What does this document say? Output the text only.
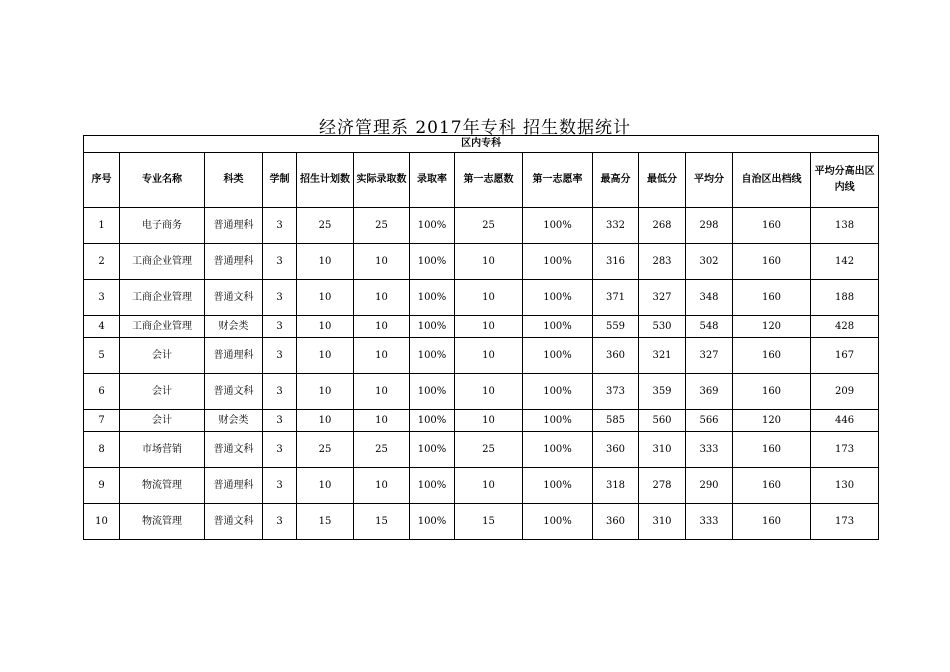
经济管理系 2017年专科 招生数据统计
区内专科													
序号	专业名称	科类	学制	招生计划数	实际录取数	录取率	第一志愿数	第一志愿率	最高分	最低分	平均分	自治区出档线	平均分高出区内线
1	电子商务	普通理科	3	25	25	100%	25	100%	332	268	298	160	138
2	工商企业管理	普通理科	3	10	10	100%	10	100%	316	283	302	160	142
3	工商企业管理	普通文科	3	10	10	100%	10	100%	371	327	348	160	188
4	工商企业管理	财会类	3	10	10	100%	10	100%	559	530	548	120	428
5	会计	普通理科	3	10	10	100%	10	100%	360	321	327	160	167
6	会计	普通文科	3	10	10	100%	10	100%	373	359	369	160	209
7	会计	财会类	3	10	10	100%	10	100%	585	560	566	120	446
8	市场营销	普通文科	3	25	25	100%	25	100%	360	310	333	160	173
9	物流管理	普通理科	3	10	10	100%	10	100%	318	278	290	160	130
10	物流管理	普通文科	3	15	15	100%	15	100%	360	310	333	160	173
